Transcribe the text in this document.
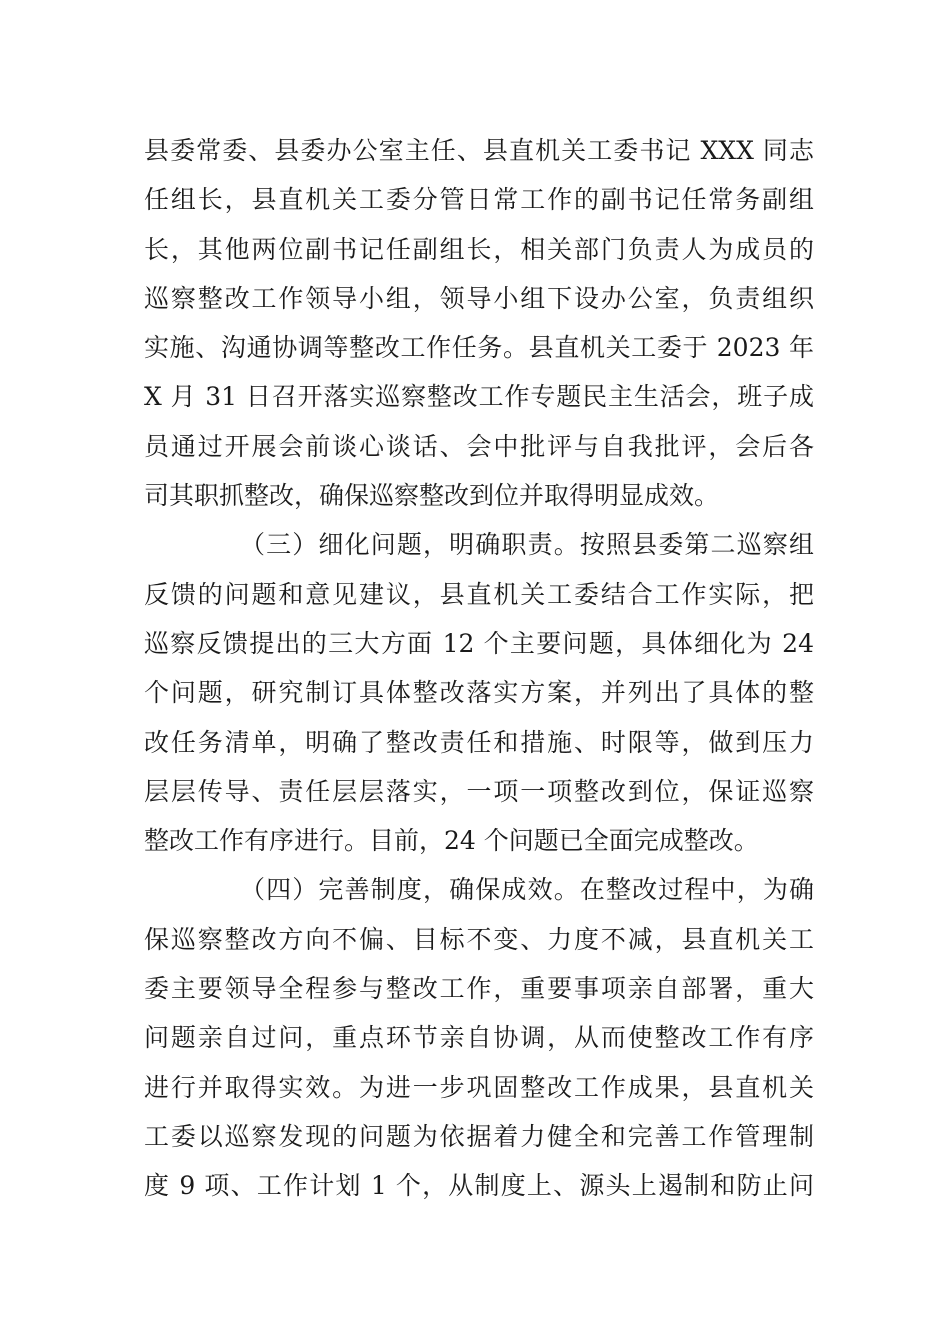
县委常委、县委办公室主任、县直机关工委书记 XXX 同志
任组长，县直机关工委分管日常工作的副书记任常务副组
长，其他两位副书记任副组长，相关部门负责人为成员的
巡察整改工作领导小组，领导小组下设办公室，负责组织
实施、沟通协调等整改工作任务。县直机关工委于 2023 年
X 月 31 日召开落实巡察整改工作专题民主生活会，班子成
员通过开展会前谈心谈话、会中批评与自我批评，会后各
司其职抓整改，确保巡察整改到位并取得明显成效。
（三）细化问题，明确职责。按照县委第二巡察组
反馈的问题和意见建议，县直机关工委结合工作实际，把
巡察反馈提出的三大方面 12 个主要问题，具体细化为 24
个问题，研究制订具体整改落实方案，并列出了具体的整
改任务清单，明确了整改责任和措施、时限等，做到压力
层层传导、责任层层落实，一项一项整改到位，保证巡察
整改工作有序进行。目前，24 个问题已全面完成整改。
（四）完善制度，确保成效。在整改过程中，为确
保巡察整改方向不偏、目标不变、力度不减，县直机关工
委主要领导全程参与整改工作，重要事项亲自部署，重大
问题亲自过问，重点环节亲自协调，从而使整改工作有序
进行并取得实效。为进一步巩固整改工作成果，县直机关
工委以巡察发现的问题为依据着力健全和完善工作管理制
度 9 项、工作计划 1 个，从制度上、源头上遏制和防止问
